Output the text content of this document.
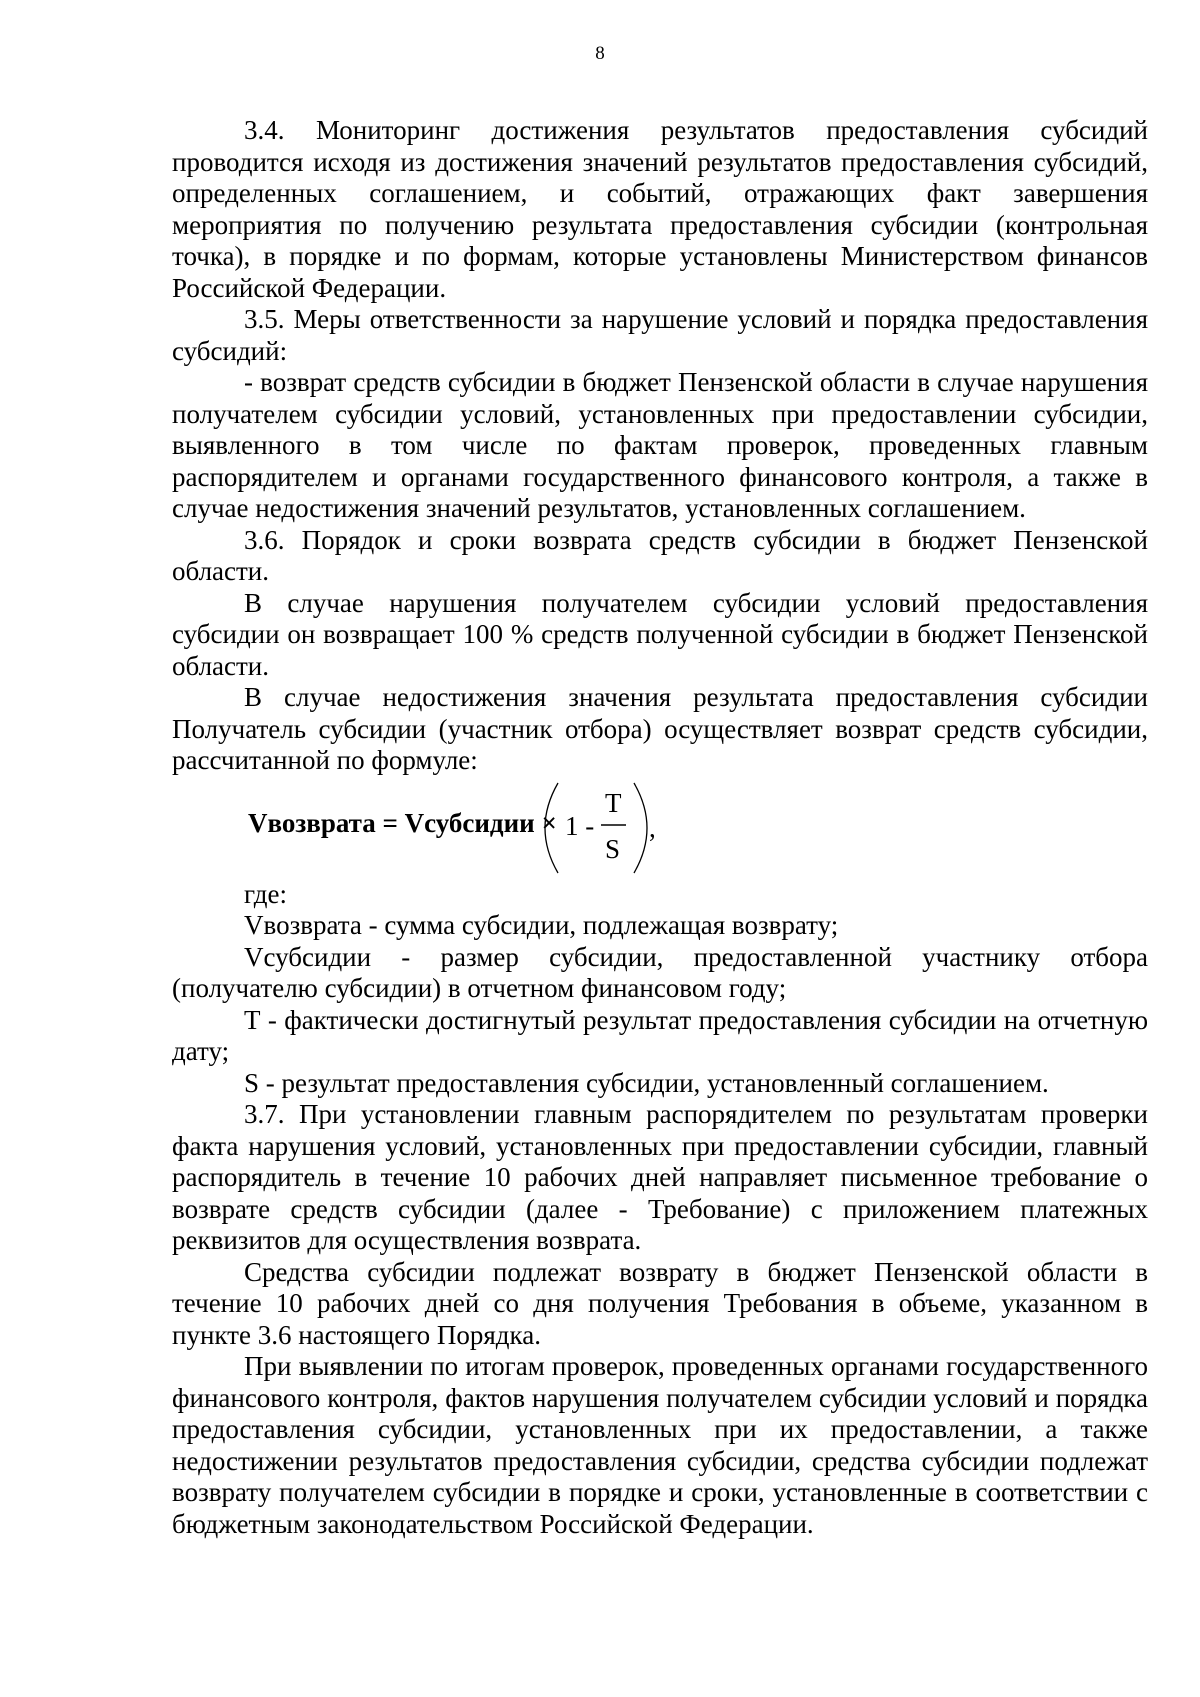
8

3.4. Мониторинг достижения результатов предоставления субсидий проводится исходя из достижения значений результатов предоставления субсидий, определенных соглашением, и событий, отражающих факт завершения мероприятия по получению результата предоставления субсидии (контрольная точка), в порядке и по формам, которые установлены Министерством финансов Российской Федерации.

3.5. Меры ответственности за нарушение условий и порядка предоставления субсидий:

- возврат средств субсидии в бюджет Пензенской области в случае нарушения получателем субсидии условий, установленных при предоставлении субсидии, выявленного в том числе по фактам проверок, проведенных главным распорядителем и органами государственного финансового контроля, а также в случае недостижения значений результатов, установленных соглашением.

3.6. Порядок и сроки возврата средств субсидии в бюджет Пензенской области.

В случае нарушения получателем субсидии условий предоставления субсидии он возвращает 100 % средств полученной субсидии в бюджет Пензенской области.

В случае недостижения значения результата предоставления субсидии Получатель субсидии (участник отбора) осуществляет возврат средств субсидии, рассчитанной по формуле:

Vвозврата = Vсубсидии × 1 -
T
S
,

где:

Vвозврата - сумма субсидии, подлежащая возврату;

Vсубсидии - размер субсидии, предоставленной участнику отбора (получателю субсидии) в отчетном финансовом году;

Т - фактически достигнутый результат предоставления субсидии на отчетную дату;

S - результат предоставления субсидии, установленный соглашением.

3.7. При установлении главным распорядителем по результатам проверки факта нарушения условий, установленных при предоставлении субсидии, главный распорядитель в течение 10 рабочих дней направляет письменное требование о возврате средств субсидии (далее - Требование) с приложением платежных реквизитов для осуществления возврата.

Средства субсидии подлежат возврату в бюджет Пензенской области в течение 10 рабочих дней со дня получения Требования в объеме, указанном в пункте 3.6 настоящего Порядка.

При выявлении по итогам проверок, проведенных органами государственного финансового контроля, фактов нарушения получателем субсидии условий и порядка предоставления субсидии, установленных при их предоставлении, а также недостижении результатов предоставления субсидии, средства субсидии подлежат возврату получателем субсидии в порядке и сроки, установленные в соответствии с бюджетным законодательством Российской Федерации.
